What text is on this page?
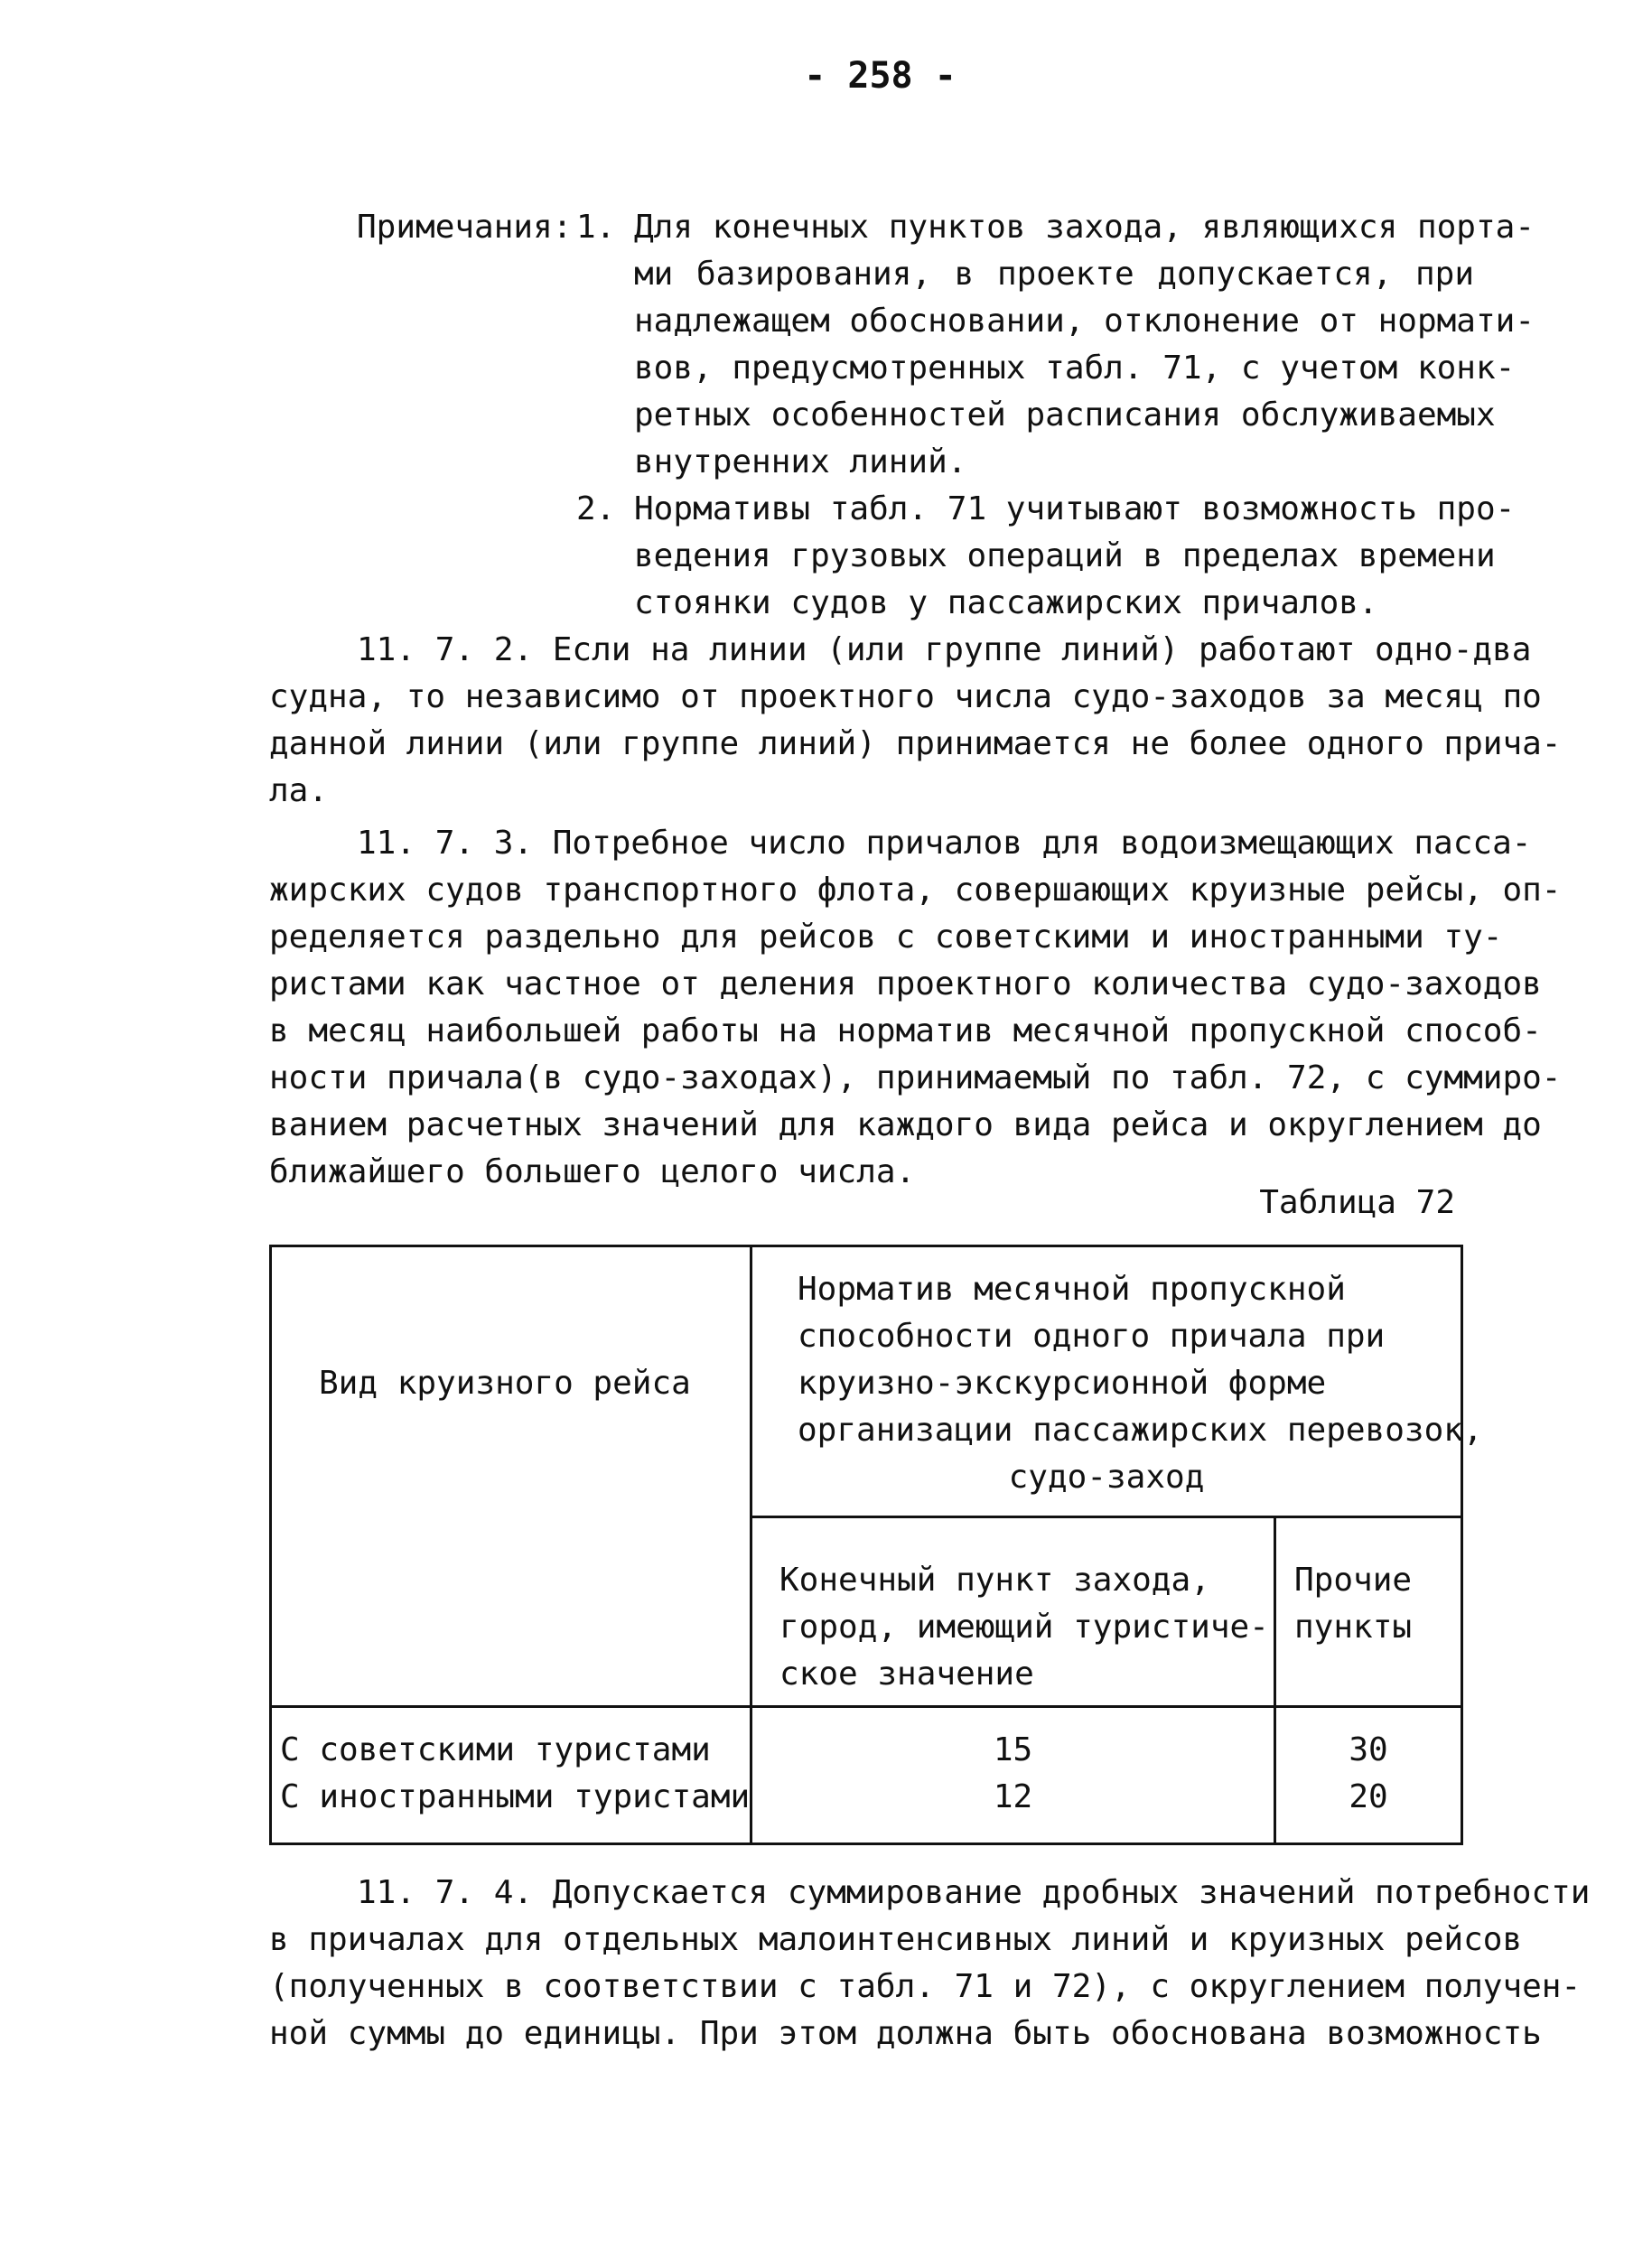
- 258 -
Примечания: 1. Для конечных пунктов захода, являющихся порта-
ми базирования, в проекте допускается, при
надлежащем обосновании, отклонение от нормати-
вов, предусмотренных табл. 71, с учетом конк-
ретных особенностей расписания обслуживаемых
внутренних линий.
2. Нормативы табл. 71 учитывают возможность про-
ведения грузовых операций в пределах времени
стоянки судов у пассажирских причалов.
11. 7. 2. Если на линии (или группе линий) работают одно-два
судна, то независимо от проектного числа судо-заходов за месяц по
данной линии (или группе линий) принимается не более одного прича-
ла.
11. 7. 3. Потребное число причалов для водоизмещающих пасса-
жирских судов транспортного флота, совершающих круизные рейсы, оп-
ределяется раздельно для рейсов с советскими и иностранными ту-
ристами как частное от деления проектного количества судо-заходов
в месяц наибольшей работы на норматив месячной пропускной способ-
ности причала(в судо-заходах), принимаемый по табл. 72, с суммиро-
ванием расчетных значений для каждого вида рейса и округлением до
ближайшего большего целого числа.
Таблица 72
Вид круизного рейса
Норматив месячной пропускной
способности одного причала при
круизно-экскурсионной форме
организации пассажирских перевозок,
судо-заход
Конечный пункт захода,
город, имеющий туристиче-
ское значение
Прочие
пункты
С советскими туристами	15	30
С иностранными туристами	12	20
11. 7. 4. Допускается суммирование дробных значений потребности
в причалах для отдельных малоинтенсивных линий и круизных рейсов
(полученных в соответствии с табл. 71 и 72), с округлением получен-
ной суммы до единицы. При этом должна быть обоснована возможность
